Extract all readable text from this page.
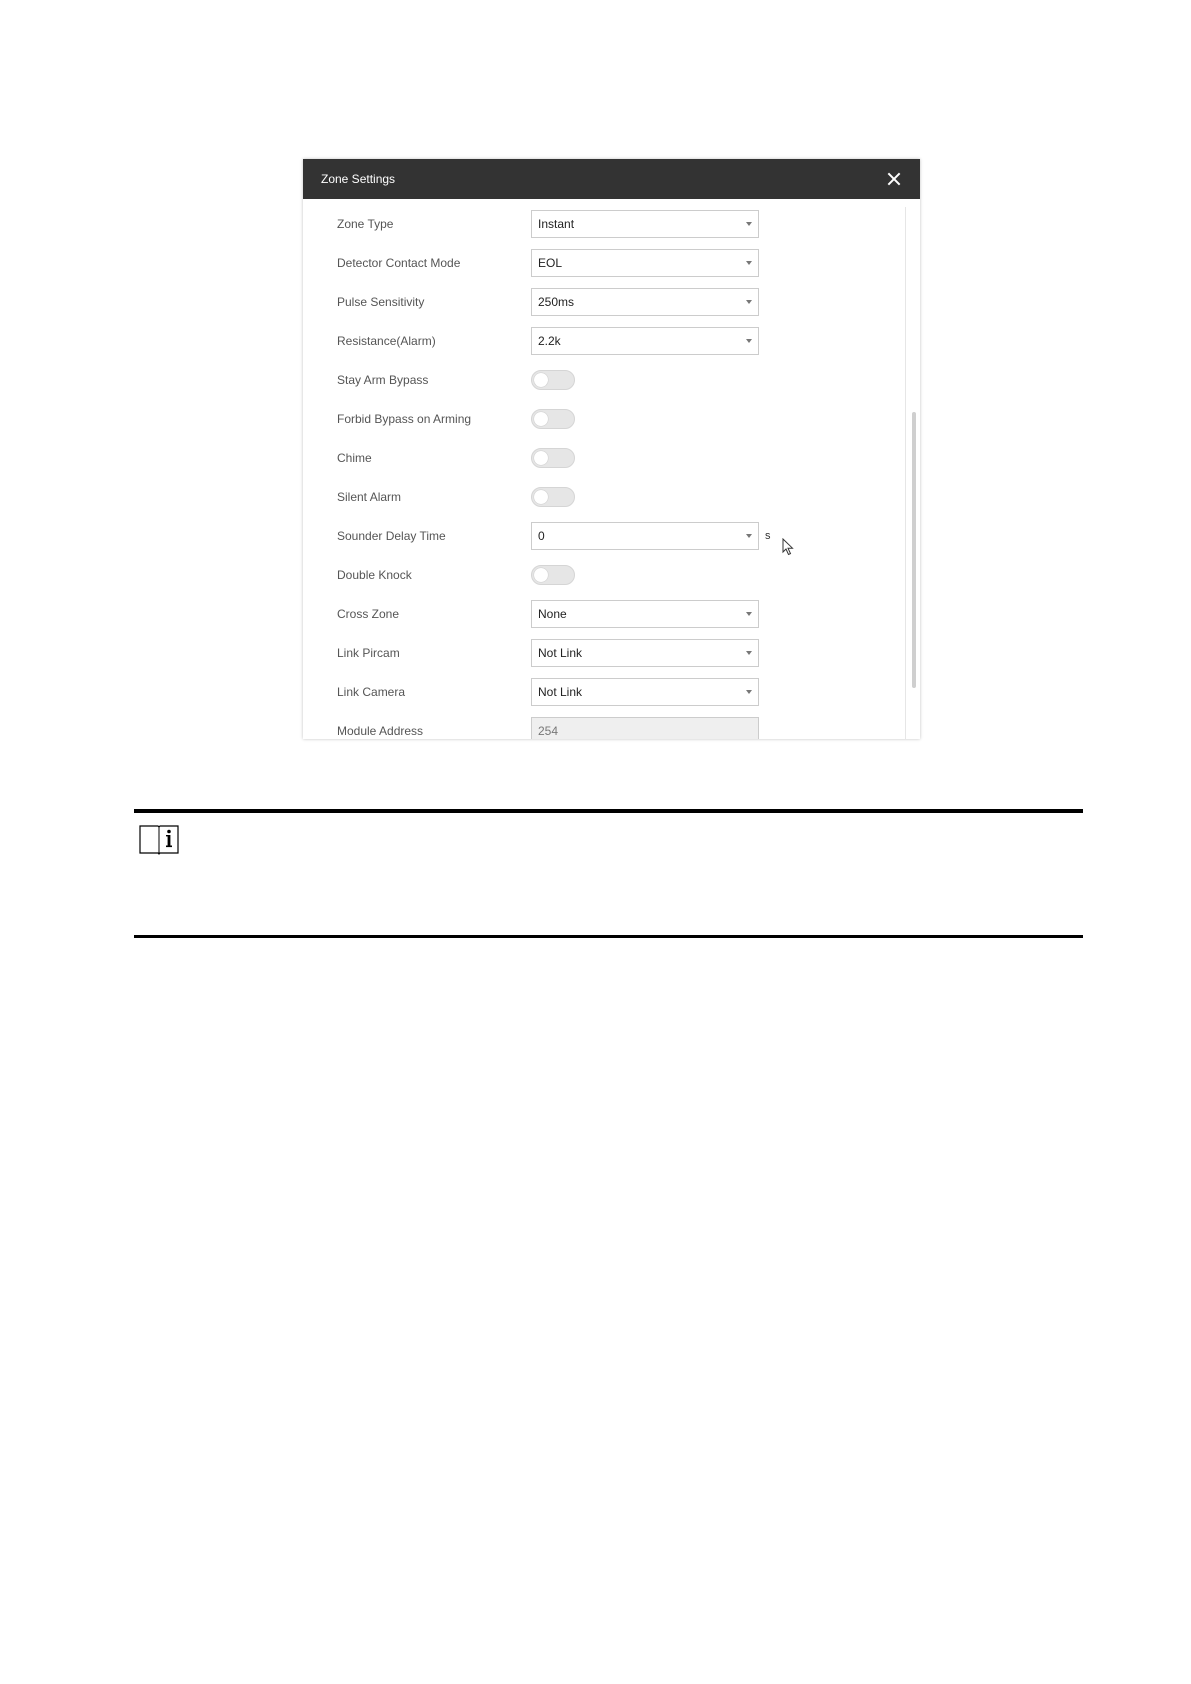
Zone Settings
Zone Type	Instant
Detector Contact Mode	EOL
Pulse Sensitivity	250ms
Resistance(Alarm)	2.2k
Stay Arm Bypass
Forbid Bypass on Arming
Chime
Silent Alarm
Sounder Delay Time	0	s
Double Knock
Cross Zone	None
Link Pircam	Not Link
Link Camera	Not Link
Module Address	254
